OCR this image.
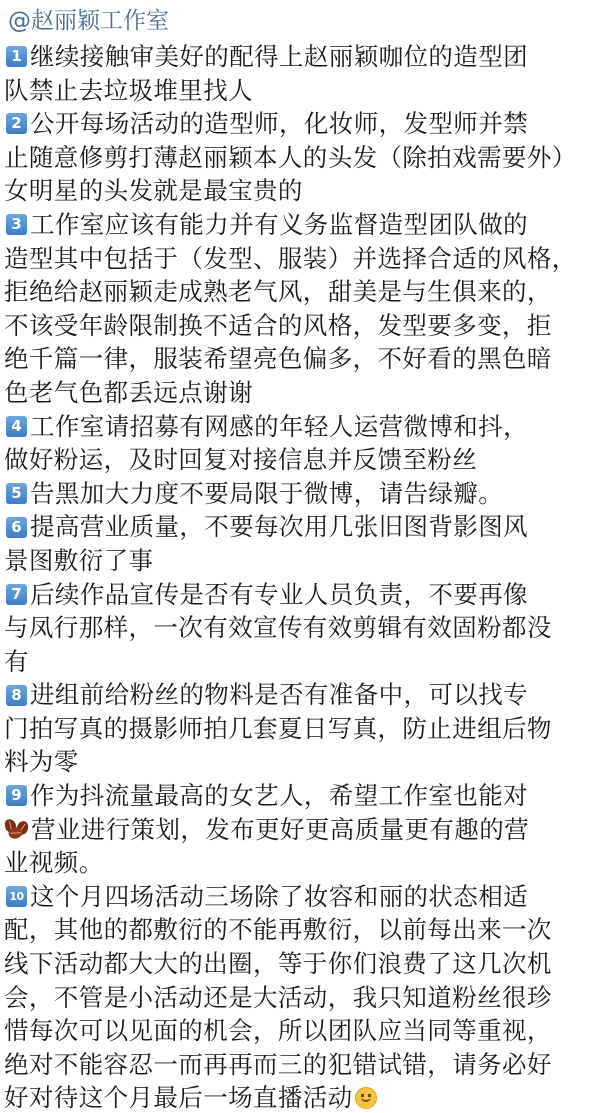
@赵丽颖工作室
1 继续接触审美好的配得上赵丽颖咖位的造型团
队禁止去垃圾堆里找人
2 公开每场活动的造型师，化妆师，发型师并禁
止随意修剪打薄赵丽颖本人的头发（除拍戏需要外）
女明星的头发就是最宝贵的
3 工作室应该有能力并有义务监督造型团队做的
造型其中包括于（发型、服装）并选择合适的风格，
拒绝给赵丽颖走成熟老气风，甜美是与生俱来的，
不该受年龄限制换不适合的风格，发型要多变，拒
绝千篇一律，服装希望亮色偏多，不好看的黑色暗
色老气色都丢远点谢谢
4 工作室请招募有网感的年轻人运营微博和抖，
做好粉运，及时回复对接信息并反馈至粉丝
5 告黑加大力度不要局限于微博，请告绿瓣。
6 提高营业质量，不要每次用几张旧图背影图风
景图敷衍了事
7 后续作品宣传是否有专业人员负责，不要再像
与凤行那样，一次有效宣传有效剪辑有效固粉都没
有
8 进组前给粉丝的物料是否有准备中，可以找专
门拍写真的摄影师拍几套夏日写真，防止进组后物
料为零
9 作为抖流量最高的女艺人，希望工作室也能对
营业进行策划，发布更好更高质量更有趣的营
业视频。
10 这个月四场活动三场除了妆容和丽的状态相适
配，其他的都敷衍的不能再敷衍，以前每出来一次
线下活动都大大的出圈，等于你们浪费了这几次机
会，不管是小活动还是大活动，我只知道粉丝很珍
惜每次可以见面的机会，所以团队应当同等重视，
绝对不能容忍一而再再而三的犯错试错，请务必好
好对待这个月最后一场直播活动
